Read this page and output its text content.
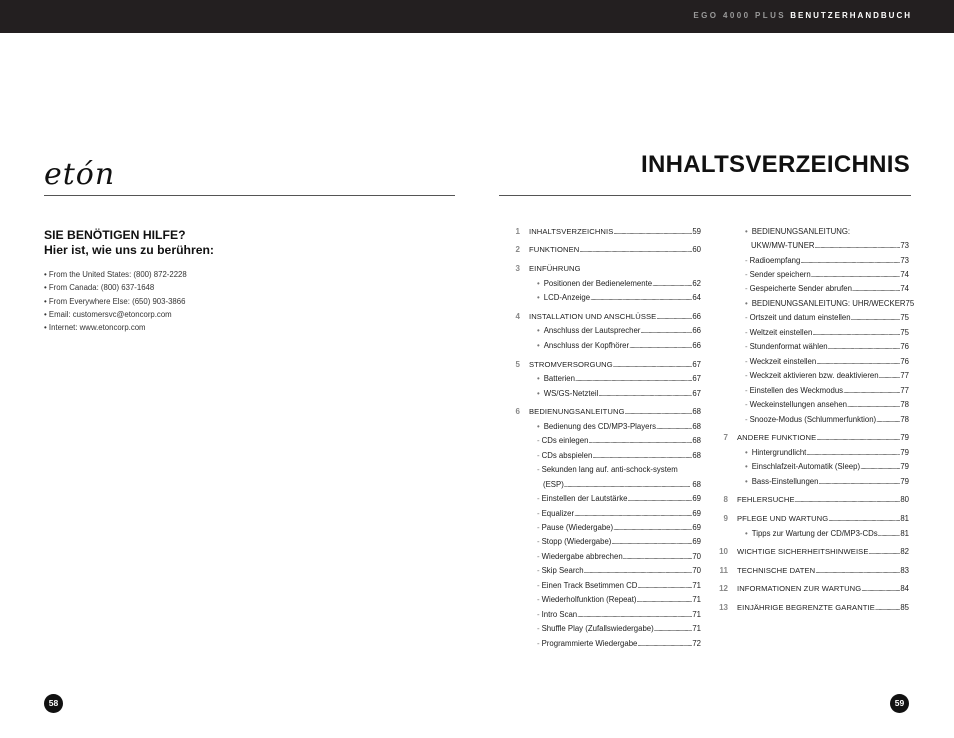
EGO 4000 PLUS BENUTZERHANDBUCH
etón	INHALTSVERZEICHNIS
SIE BENÖTIGEN HILFE?
Hier ist, wie uns zu berühren:
• From the United States: (800) 872-2228
• From Canada: (800) 637-1648
• From Everywhere Else: (650) 903-3866
• Email: customersvc@etoncorp.com
• Internet: www.etoncorp.com
1 INHALTSVERZEICHNIS . . .	59
2 FUNKTIONEN . . .	60
3 EINFÜHRUNG
• Positionen der Bedienelemente . . .	62
• LCD-Anzeige . . .	64
4 INSTALLATION UND ANSCHLÜSSE . . .	66
• Anschluss der Lautsprecher . . .	66
• Anschluss der Kopfhörer . . .	66
5 STROMVERSORGUNG . . .	67
• Batterien . . .	67
• WS/GS-Netzteil . . .	67
6 BEDIENUNGSANLEITUNG . . .	68
• Bedienung des CD/MP3-Players . . .	68
- CDs einlegen . . .	68
- CDs abspielen . . .	68
- Sekunden lang auf. anti-schock-system
(ESP) . . .	68
- Einstellen der Lautstärke . . .	69
- Equalizer . . .	69
- Pause (Wiedergabe) . . .	69
- Stopp (Wiedergabe) . . .	69
- Wiedergabe abbrechen . . .	70
- Skip Search . . .	70
- Einen Track Bsetimmen CD . . .	71
- Wiederholfunktion (Repeat) . . .	71
- Intro Scan . . .	71
- Shuffle Play (Zufallswiedergabe) . . .	71
- Programmierte Wiedergabe . . .	72
• BEDIENUNGSANLEITUNG:
UKW/MW-TUNER . . .	73
- Radioempfang . . .	73
- Sender speichern . . .	74
- Gespeicherte Sender abrufen . . .	74
• BEDIENUNGSANLEITUNG: UHR/WECKER 75
- Ortszeit und datum einstellen . . .	75
- Weltzeit einstellen . . .	75
- Stundenformat wählen . . .	76
- Weckzeit einstellen . . .	76
- Weckzeit aktivieren bzw. deaktivieren . . .	77
- Einstellen des Weckmodus . . .	77
- Weckeinstellungen ansehen . . .	78
- Snooze-Modus (Schlummerfunktion) . . .	78
7 ANDERE FUNKTIONE . . .	79
• Hintergrundlicht . . .	79
• Einschlafzeit-Automatik (Sleep) . . .	79
• Bass-Einstellungen . . .	79
8 FEHLERSUCHE . . .	80
9 PFLEGE UND WARTUNG . . .	81
• Tipps zur Wartung der CD/MP3-CDs . . .	81
10 WICHTIGE SICHERHEITSHINWEISE . . .	82
11 TECHNISCHE DATEN . . .	83
12 INFORMATIONEN ZUR WARTUNG . . .	84
13 EINJÄHRIGE BEGRENZTE GARANTIE . . .	85
58	59
